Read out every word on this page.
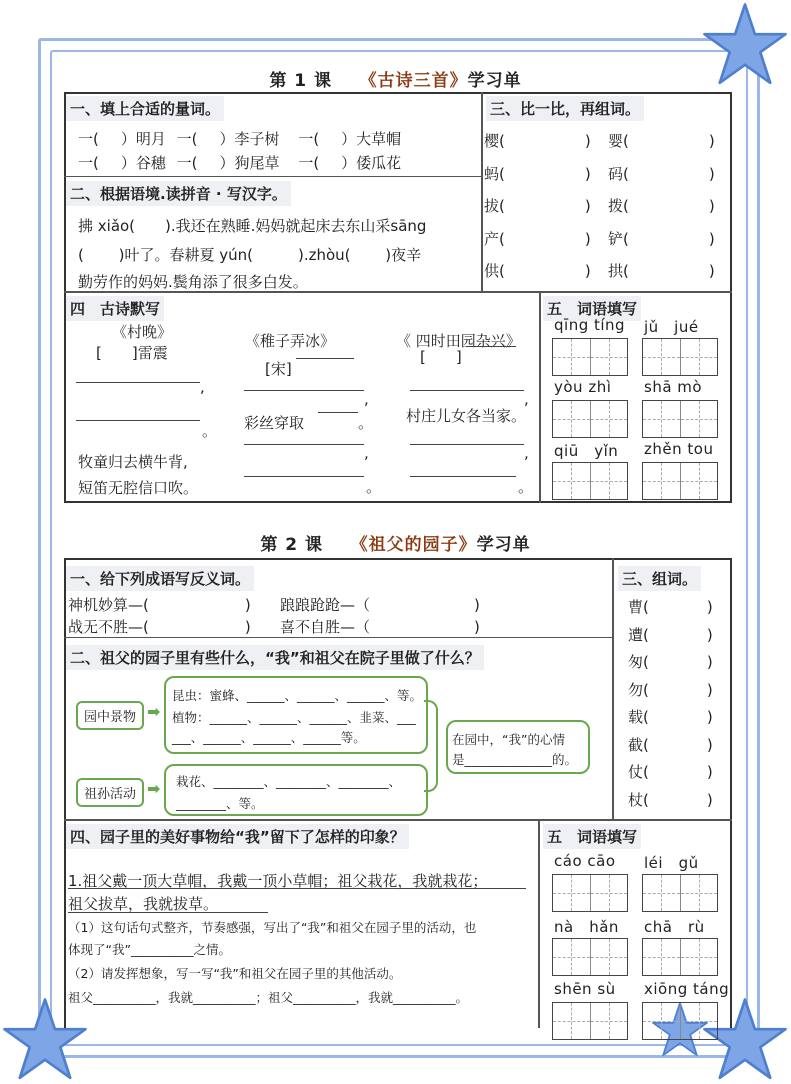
第 1 课 《古诗三首》学习单
一、填上合适的量词。
一( ）明月 一( ）李子树 一( ）大草帽
一( ）谷穗 一( ）狗尾草 一( ）倭瓜花
二、根据语境.读拼音 · 写汉字。
拂 xiǎo(　　).我还在熟睡.妈妈就起床去东山采sāng
(　　 )叶了。春耕夏 yún(　　　).zhòu(　　 )夜辛
勤劳作的妈妈.鬓角添了很多白发。
三、比一比，再组词。
樱(	) 婴(	)
蚂(	) 码(	)
拔(	) 拨(	)
产(	) 铲(	)
供(	) 拱(	)
四　古诗默写
《村晚》
[　　]雷震
,
。
牧童归去横牛背,
短笛无腔信口吹。
《稚子弄冰》
[宋]
,
彩丝穿取	。
,
。
《 四时田园杂兴》
[　　]
,
村庄儿女各当家。
,
。
五　词语填写
qīng tíng jǔ　jué
yòu zhì shā mò
qiū　yǐn zhěn tou
第 2 课 《祖父的园子》学习单
一、给下列成语写反义词。
神机妙算—(	) 踉踉跄跄—（	)
战无不胜—(	) 喜不自胜—（	)
二、祖父的园子里有些什么，“我”和祖父在院子里做了什么？
园中景物
祖孙活动
➡
➡
昆虫：蜜蜂、______、______、______、等。
植物：______、______、______、韭菜、___
___、______、______、______等。
栽花、________、________、________、
________、等。
在园中，“我”的心情
是______________的。
三、组词。
曹(	)
遭(	)
匆(	)
勿(	)
载(	)
截(	)
仗(	)
杖(	)
四、园子里的美好事物给“我”留下了怎样的印象？
1.祖父戴一顶大草帽，我戴一顶小草帽；祖父栽花，我就栽花；
祖父拔草，我就拔草。
（1）这句话句式整齐，节奏感强，写出了“我”和祖父在园子里的活动，也
体现了“我”__________之情。
（2）请发挥想象，写一写“我”和祖父在园子里的其他活动。
祖父__________，我就__________；祖父__________，我就__________。
五　词语填写
cáo cāo léi　gǔ
nà　hǎn chā　rù
shēn sù xiōng táng
